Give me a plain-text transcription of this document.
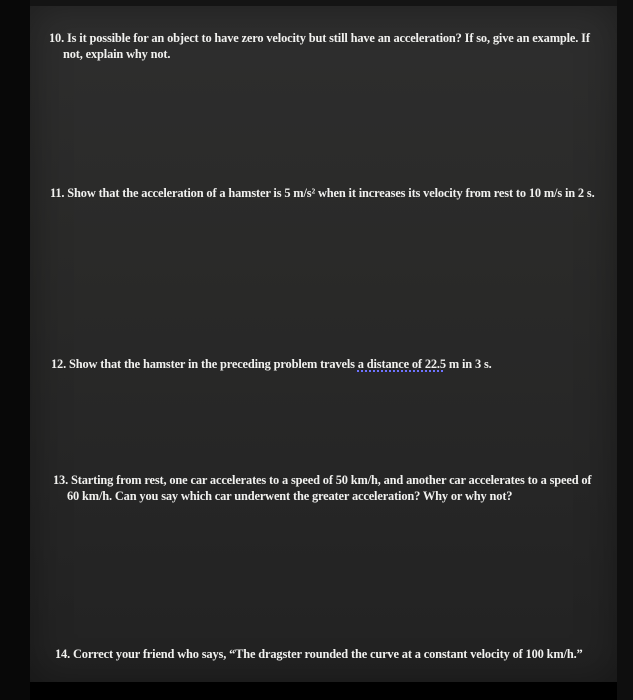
10. Is it possible for an object to have zero velocity but still have an acceleration? If so, give an example. If
not, explain why not.
11. Show that the acceleration of a hamster is 5 m/s² when it increases its velocity from rest to 10 m/s in 2 s.
12. Show that the hamster in the preceding problem travels a distance of 22.5 m in 3 s.
13. Starting from rest, one car accelerates to a speed of 50 km/h, and another car accelerates to a speed of
60 km/h. Can you say which car underwent the greater acceleration? Why or why not?
14. Correct your friend who says, “The dragster rounded the curve at a constant velocity of 100 km/h.”
